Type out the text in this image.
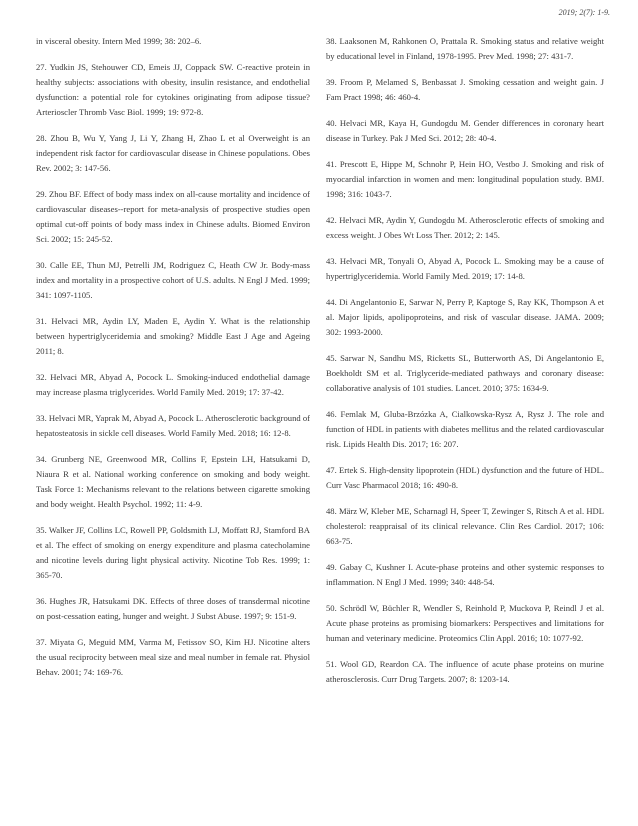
2019; 2(7): 1-9.

in visceral obesity. Intern Med 1999; 38: 202–6.

27. Yudkin JS, Stehouwer CD, Emeis JJ, Coppack SW. C-reactive protein in healthy subjects: associations with obesity, insulin resistance, and endothelial dysfunction: a potential role for cytokines originating from adipose tissue? Arterioscler Thromb Vasc Biol. 1999; 19: 972-8.

28. Zhou B, Wu Y, Yang J, Li Y, Zhang H, Zhao L et al Overweight is an independent risk factor for cardiovascular disease in Chinese populations. Obes Rev. 2002; 3: 147-56.

29. Zhou BF. Effect of body mass index on all-cause mortality and incidence of cardiovascular diseases--report for meta-analysis of prospective studies open optimal cut-off points of body mass index in Chinese adults. Biomed Environ Sci. 2002; 15: 245-52.

30. Calle EE, Thun MJ, Petrelli JM, Rodriguez C, Heath CW Jr. Body-mass index and mortality in a prospective cohort of U.S. adults. N Engl J Med. 1999; 341: 1097-1105.

31. Helvaci MR, Aydin LY, Maden E, Aydin Y. What is the relationship between hypertriglyceridemia and smoking? Middle East J Age and Ageing 2011; 8.

32. Helvaci MR, Abyad A, Pocock L. Smoking-induced endothelial damage may increase plasma triglycerides. World Family Med. 2019; 17: 37-42.

33. Helvaci MR, Yaprak M, Abyad A, Pocock L. Atherosclerotic background of hepatosteatosis in sickle cell diseases. World Family Med. 2018; 16: 12-8.

34. Grunberg NE, Greenwood MR, Collins F, Epstein LH, Hatsukami D, Niaura R et al. National working conference on smoking and body weight. Task Force 1: Mechanisms relevant to the relations between cigarette smoking and body weight. Health Psychol. 1992; 11: 4-9.

35. Walker JF, Collins LC, Rowell PP, Goldsmith LJ, Moffatt RJ, Stamford BA et al. The effect of smoking on energy expenditure and plasma catecholamine and nicotine levels during light physical activity. Nicotine Tob Res. 1999; 1: 365-70.

36. Hughes JR, Hatsukami DK. Effects of three doses of transdermal nicotine on post-cessation eating, hunger and weight. J Subst Abuse. 1997; 9: 151-9.

37. Miyata G, Meguid MM, Varma M, Fetissov SO, Kim HJ. Nicotine alters the usual reciprocity between meal size and meal number in female rat. Physiol Behav. 2001; 74: 169-76.

38. Laaksonen M, Rahkonen O, Prattala R. Smoking status and relative weight by educational level in Finland, 1978-1995. Prev Med. 1998; 27: 431-7.

39. Froom P, Melamed S, Benbassat J. Smoking cessation and weight gain. J Fam Pract 1998; 46: 460-4.

40. Helvaci MR, Kaya H, Gundogdu M. Gender differences in coronary heart disease in Turkey. Pak J Med Sci. 2012; 28: 40-4.

41. Prescott E, Hippe M, Schnohr P, Hein HO, Vestbo J. Smoking and risk of myocardial infarction in women and men: longitudinal population study. BMJ. 1998; 316: 1043-7.

42. Helvaci MR, Aydin Y, Gundogdu M. Atherosclerotic effects of smoking and excess weight. J Obes Wt Loss Ther. 2012; 2: 145.

43. Helvaci MR, Tonyali O, Abyad A, Pocock L. Smoking may be a cause of hypertriglyceridemia. World Family Med. 2019; 17: 14-8.

44. Di Angelantonio E, Sarwar N, Perry P, Kaptoge S, Ray KK, Thompson A et al. Major lipids, apolipoproteins, and risk of vascular disease. JAMA. 2009; 302: 1993-2000.

45. Sarwar N, Sandhu MS, Ricketts SL, Butterworth AS, Di Angelantonio E, Boekholdt SM et al. Triglyceride-mediated pathways and coronary disease: collaborative analysis of 101 studies. Lancet. 2010; 375: 1634-9.

46. Femlak M, Gluba-Brzózka A, Cialkowska-Rysz A, Rysz J. The role and function of HDL in patients with diabetes mellitus and the related cardiovascular risk. Lipids Health Dis. 2017; 16: 207.

47. Ertek S. High-density lipoprotein (HDL) dysfunction and the future of HDL. Curr Vasc Pharmacol 2018; 16: 490-8.

48. März W, Kleber ME, Scharnagl H, Speer T, Zewinger S, Ritsch A et al. HDL cholesterol: reappraisal of its clinical relevance. Clin Res Cardiol. 2017; 106: 663-75.

49. Gabay C, Kushner I. Acute-phase proteins and other systemic responses to inflammation. N Engl J Med. 1999; 340: 448-54.

50. Schrödl W, Büchler R, Wendler S, Reinhold P, Muckova P, Reindl J et al. Acute phase proteins as promising biomarkers: Perspectives and limitations for human and veterinary medicine. Proteomics Clin Appl. 2016; 10: 1077-92.

51. Wool GD, Reardon CA. The influence of acute phase proteins on murine atherosclerosis. Curr Drug Targets. 2007; 8: 1203-14.
